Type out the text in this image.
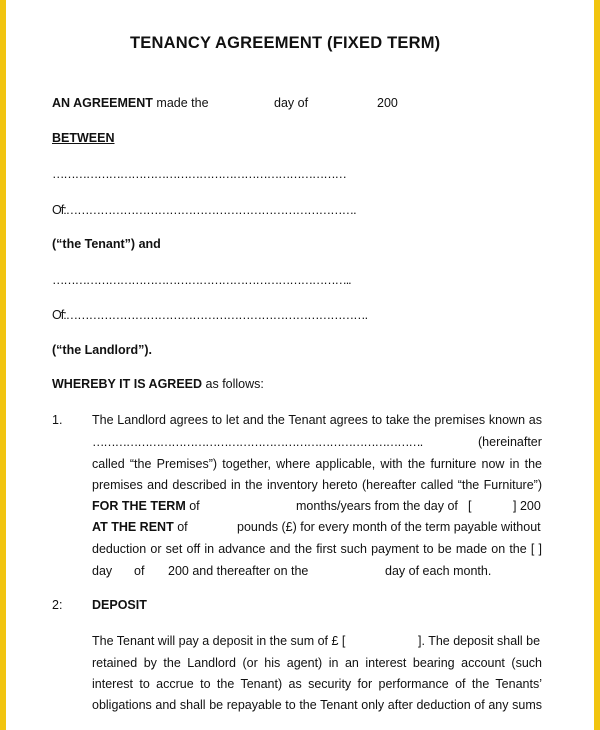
TENANCY AGREEMENT (FIXED TERM)
AN AGREEMENT made the	day of	200
BETWEEN
……………………………………………………………………
Of:………………………………………………………………….
(“the Tenant”) and
……………………………………………………………………..
Of:…………………………………………………………………….
(“the Landlord”).
WHEREBY IT IS AGREED as follows:
1. The Landlord agrees to let and the Tenant agrees to take the premises known as
…………………………………………………………………………….	(hereinafter
called “the Premises”) together, where applicable, with the furniture now in the
premises and described in the inventory hereto (hereafter called “the Furniture”)
FOR THE TERM of	months/years from the day of [	] 200
AT THE RENT of	pounds (£) for every month of the term payable without
deduction or set off in advance and the first such payment to be made on the [ ]
day of 200 and thereafter on the	day of each month.
2: DEPOSIT
The Tenant will pay a deposit in the sum of £ [	]. The deposit shall be
retained by the Landlord (or his agent) in an interest bearing account (such
interest to accrue to the Tenant) as security for performance of the Tenants’
obligations and shall be repayable to the Tenant only after deduction of any sums
